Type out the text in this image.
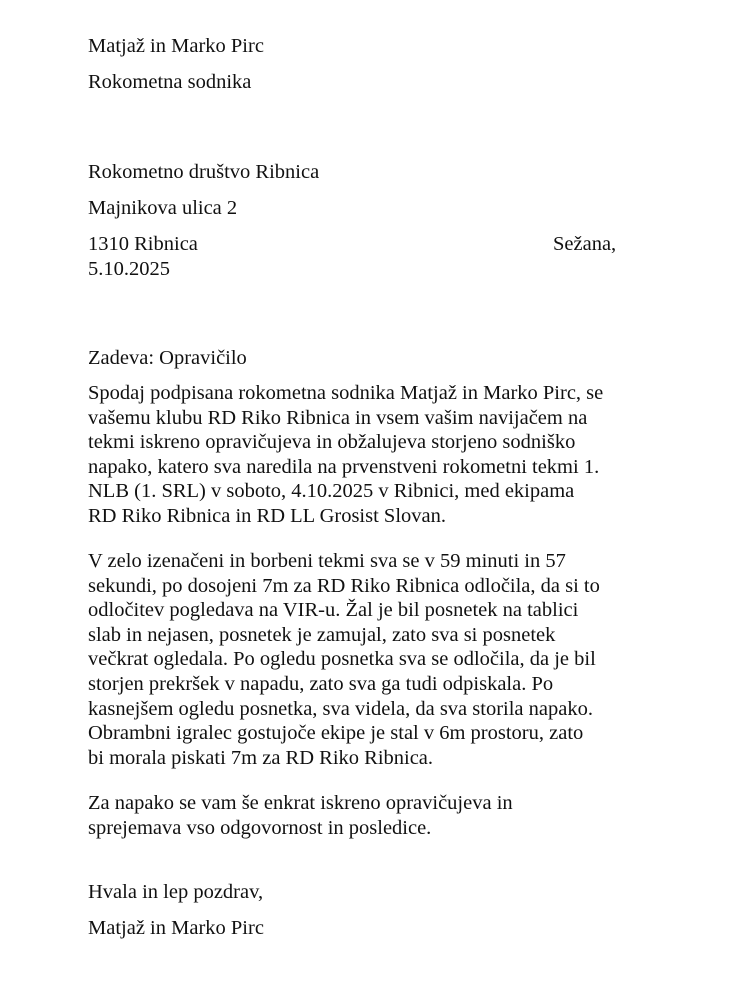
Matjaž in Marko Pirc
Rokometna sodnika
Rokometno društvo Ribnica
Majnikova ulica 2
1310 Ribnica	Sežana,
5.10.2025
Zadeva: Opravičilo
Spodaj podpisana rokometna sodnika Matjaž in Marko Pirc, se
vašemu klubu RD Riko Ribnica in vsem vašim navijačem na
tekmi iskreno opravičujeva in obžalujeva storjeno sodniško
napako, katero sva naredila na prvenstveni rokometni tekmi 1.
NLB (1. SRL) v soboto, 4.10.2025 v Ribnici, med ekipama
RD Riko Ribnica in RD LL Grosist Slovan.
V zelo izenačeni in borbeni tekmi sva se v 59 minuti in 57
sekundi, po dosojeni 7m za RD Riko Ribnica odločila, da si to
odločitev pogledava na VIR-u. Žal je bil posnetek na tablici
slab in nejasen, posnetek je zamujal, zato sva si posnetek
večkrat ogledala. Po ogledu posnetka sva se odločila, da je bil
storjen prekršek v napadu, zato sva ga tudi odpiskala. Po
kasnejšem ogledu posnetka, sva videla, da sva storila napako.
Obrambni igralec gostujoče ekipe je stal v 6m prostoru, zato
bi morala piskati 7m za RD Riko Ribnica.
Za napako se vam še enkrat iskreno opravičujeva in
sprejemava vso odgovornost in posledice.
Hvala in lep pozdrav,
Matjaž in Marko Pirc
